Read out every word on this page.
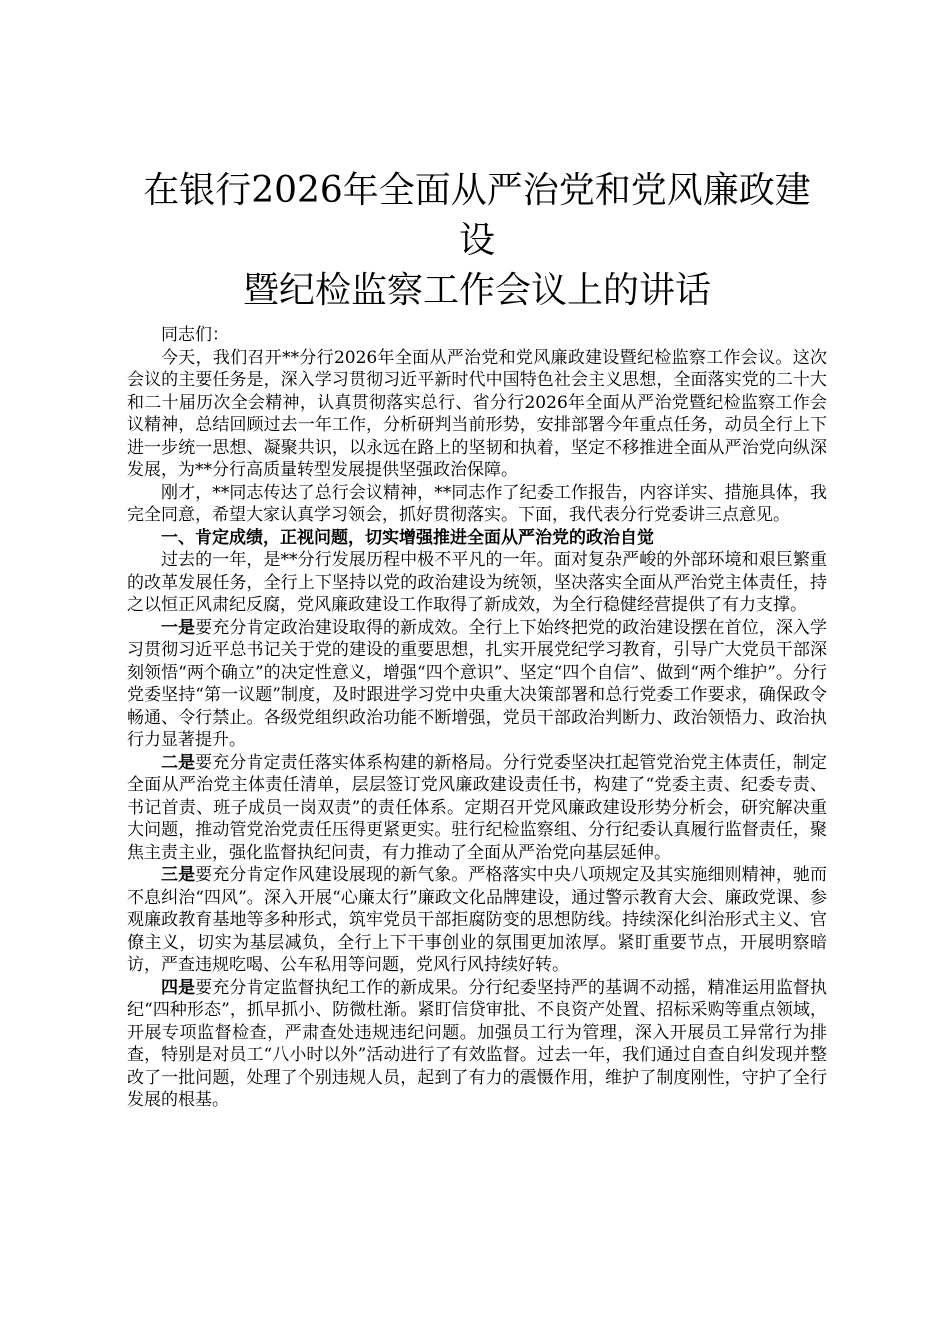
在银行2026年全面从严治党和党风廉政建设
暨纪检监察工作会议上的讲话

同志们：

今天，我们召开**分行2026年全面从严治党和党风廉政建设暨纪检监察工作会议。这次会议的主要任务是，深入学习贯彻习近平新时代中国特色社会主义思想，全面落实党的二十大和二十届历次全会精神，认真贯彻落实总行、省分行2026年全面从严治党暨纪检监察工作会议精神，总结回顾过去一年工作，分析研判当前形势，安排部署今年重点任务，动员全行上下进一步统一思想、凝聚共识，以永远在路上的坚韧和执着，坚定不移推进全面从严治党向纵深发展，为**分行高质量转型发展提供坚强政治保障。

刚才，**同志传达了总行会议精神，**同志作了纪委工作报告，内容详实、措施具体，我完全同意，希望大家认真学习领会，抓好贯彻落实。下面，我代表分行党委讲三点意见。

一、肯定成绩，正视问题，切实增强推进全面从严治党的政治自觉

过去的一年，是**分行发展历程中极不平凡的一年。面对复杂严峻的外部环境和艰巨繁重的改革发展任务，全行上下坚持以党的政治建设为统领，坚决落实全面从严治党主体责任，持之以恒正风肃纪反腐，党风廉政建设工作取得了新成效，为全行稳健经营提供了有力支撑。

一是要充分肯定政治建设取得的新成效。全行上下始终把党的政治建设摆在首位，深入学习贯彻习近平总书记关于党的建设的重要思想，扎实开展党纪学习教育，引导广大党员干部深刻领悟“两个确立”的决定性意义，增强“四个意识”、坚定“四个自信”、做到“两个维护”。分行党委坚持“第一议题”制度，及时跟进学习党中央重大决策部署和总行党委工作要求，确保政令畅通、令行禁止。各级党组织政治功能不断增强，党员干部政治判断力、政治领悟力、政治执行力显著提升。

二是要充分肯定责任落实体系构建的新格局。分行党委坚决扛起管党治党主体责任，制定全面从严治党主体责任清单，层层签订党风廉政建设责任书，构建了“党委主责、纪委专责、书记首责、班子成员一岗双责”的责任体系。定期召开党风廉政建设形势分析会，研究解决重大问题，推动管党治党责任压得更紧更实。驻行纪检监察组、分行纪委认真履行监督责任，聚焦主责主业，强化监督执纪问责，有力推动了全面从严治党向基层延伸。

三是要充分肯定作风建设展现的新气象。严格落实中央八项规定及其实施细则精神，驰而不息纠治“四风”。深入开展“心廉太行”廉政文化品牌建设，通过警示教育大会、廉政党课、参观廉政教育基地等多种形式，筑牢党员干部拒腐防变的思想防线。持续深化纠治形式主义、官僚主义，切实为基层减负，全行上下干事创业的氛围更加浓厚。紧盯重要节点，开展明察暗访，严查违规吃喝、公车私用等问题，党风行风持续好转。

四是要充分肯定监督执纪工作的新成果。分行纪委坚持严的基调不动摇，精准运用监督执纪“四种形态”，抓早抓小、防微杜渐。紧盯信贷审批、不良资产处置、招标采购等重点领域，开展专项监督检查，严肃查处违规违纪问题。加强员工行为管理，深入开展员工异常行为排查，特别是对员工“八小时以外”活动进行了有效监督。过去一年，我们通过自查自纠发现并整改了一批问题，处理了个别违规人员，起到了有力的震慑作用，维护了制度刚性，守护了全行发展的根基。
